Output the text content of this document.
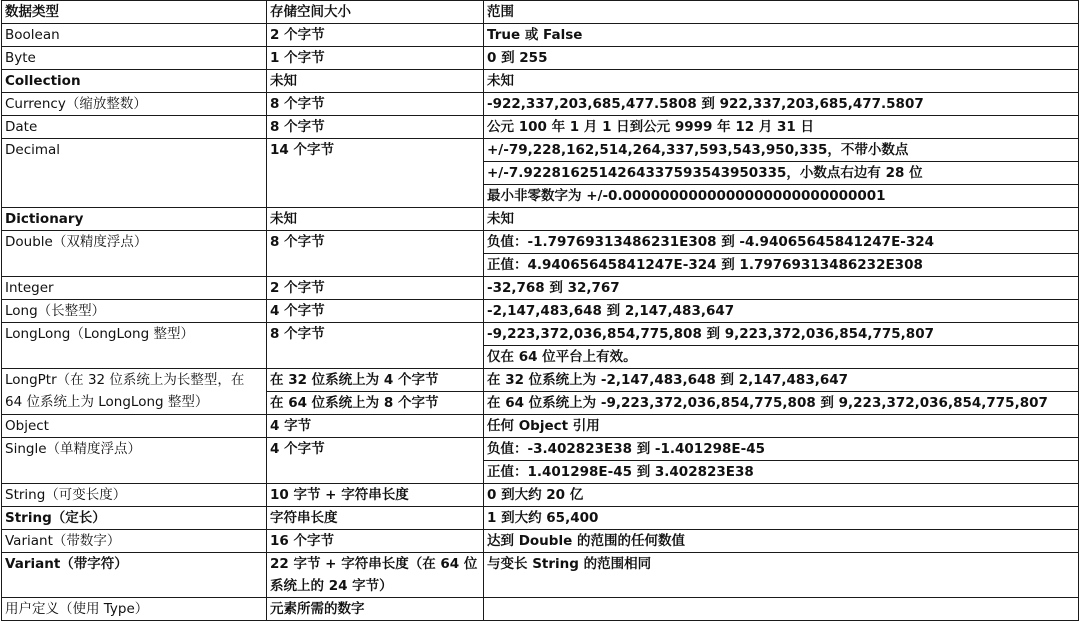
数据类型	存储空间大小	范围
Boolean	2 个字节	True 或 False
Byte	1 个字节	0 到 255
Collection	未知	未知
Currency（缩放整数）	8 个字节	-922,337,203,685,477.5808 到 922,337,203,685,477.5807
Date	8 个字节	公元 100 年 1 月 1 日到公元 9999 年 12 月 31 日
Decimal	14 个字节	+/-79,228,162,514,264,337,593,543,950,335，不带小数点
		+/-7.9228162514264337593543950335，小数点右边有 28 位
		最小非零数字为 +/-0.0000000000000000000000000001
Dictionary	未知	未知
Double（双精度浮点）	8 个字节	负值：-1.79769313486231E308 到 -4.94065645841247E-324
		正值：4.94065645841247E-324 到 1.79769313486232E308
Integer	2 个字节	-32,768 到 32,767
Long（长整型）	4 个字节	-2,147,483,648 到 2,147,483,647
LongLong（LongLong 整型）	8 个字节	-9,223,372,036,854,775,808 到 9,223,372,036,854,775,807
		仅在 64 位平台上有效。
LongPtr（在 32 位系统上为长整型，在 64 位系统上为 LongLong 整型）	在 32 位系统上为 4 个字节	在 32 位系统上为 -2,147,483,648 到 2,147,483,647
	在 64 位系统上为 8 个字节	在 64 位系统上为 -9,223,372,036,854,775,808 到 9,223,372,036,854,775,807
Object	4 字节	任何 Object 引用
Single（单精度浮点）	4 个字节	负值：-3.402823E38 到 -1.401298E-45
		正值：1.401298E-45 到 3.402823E38
String（可变长度）	10 字节 + 字符串长度	0 到大约 20 亿
String（定长）	字符串长度	1 到大约 65,400
Variant（带数字）	16 个字节	达到 Double 的范围的任何数值
Variant（带字符）	22 字节 + 字符串长度（在 64 位系统上的 24 字节）	与变长 String 的范围相同
用户定义（使用 Type）	元素所需的数字	
